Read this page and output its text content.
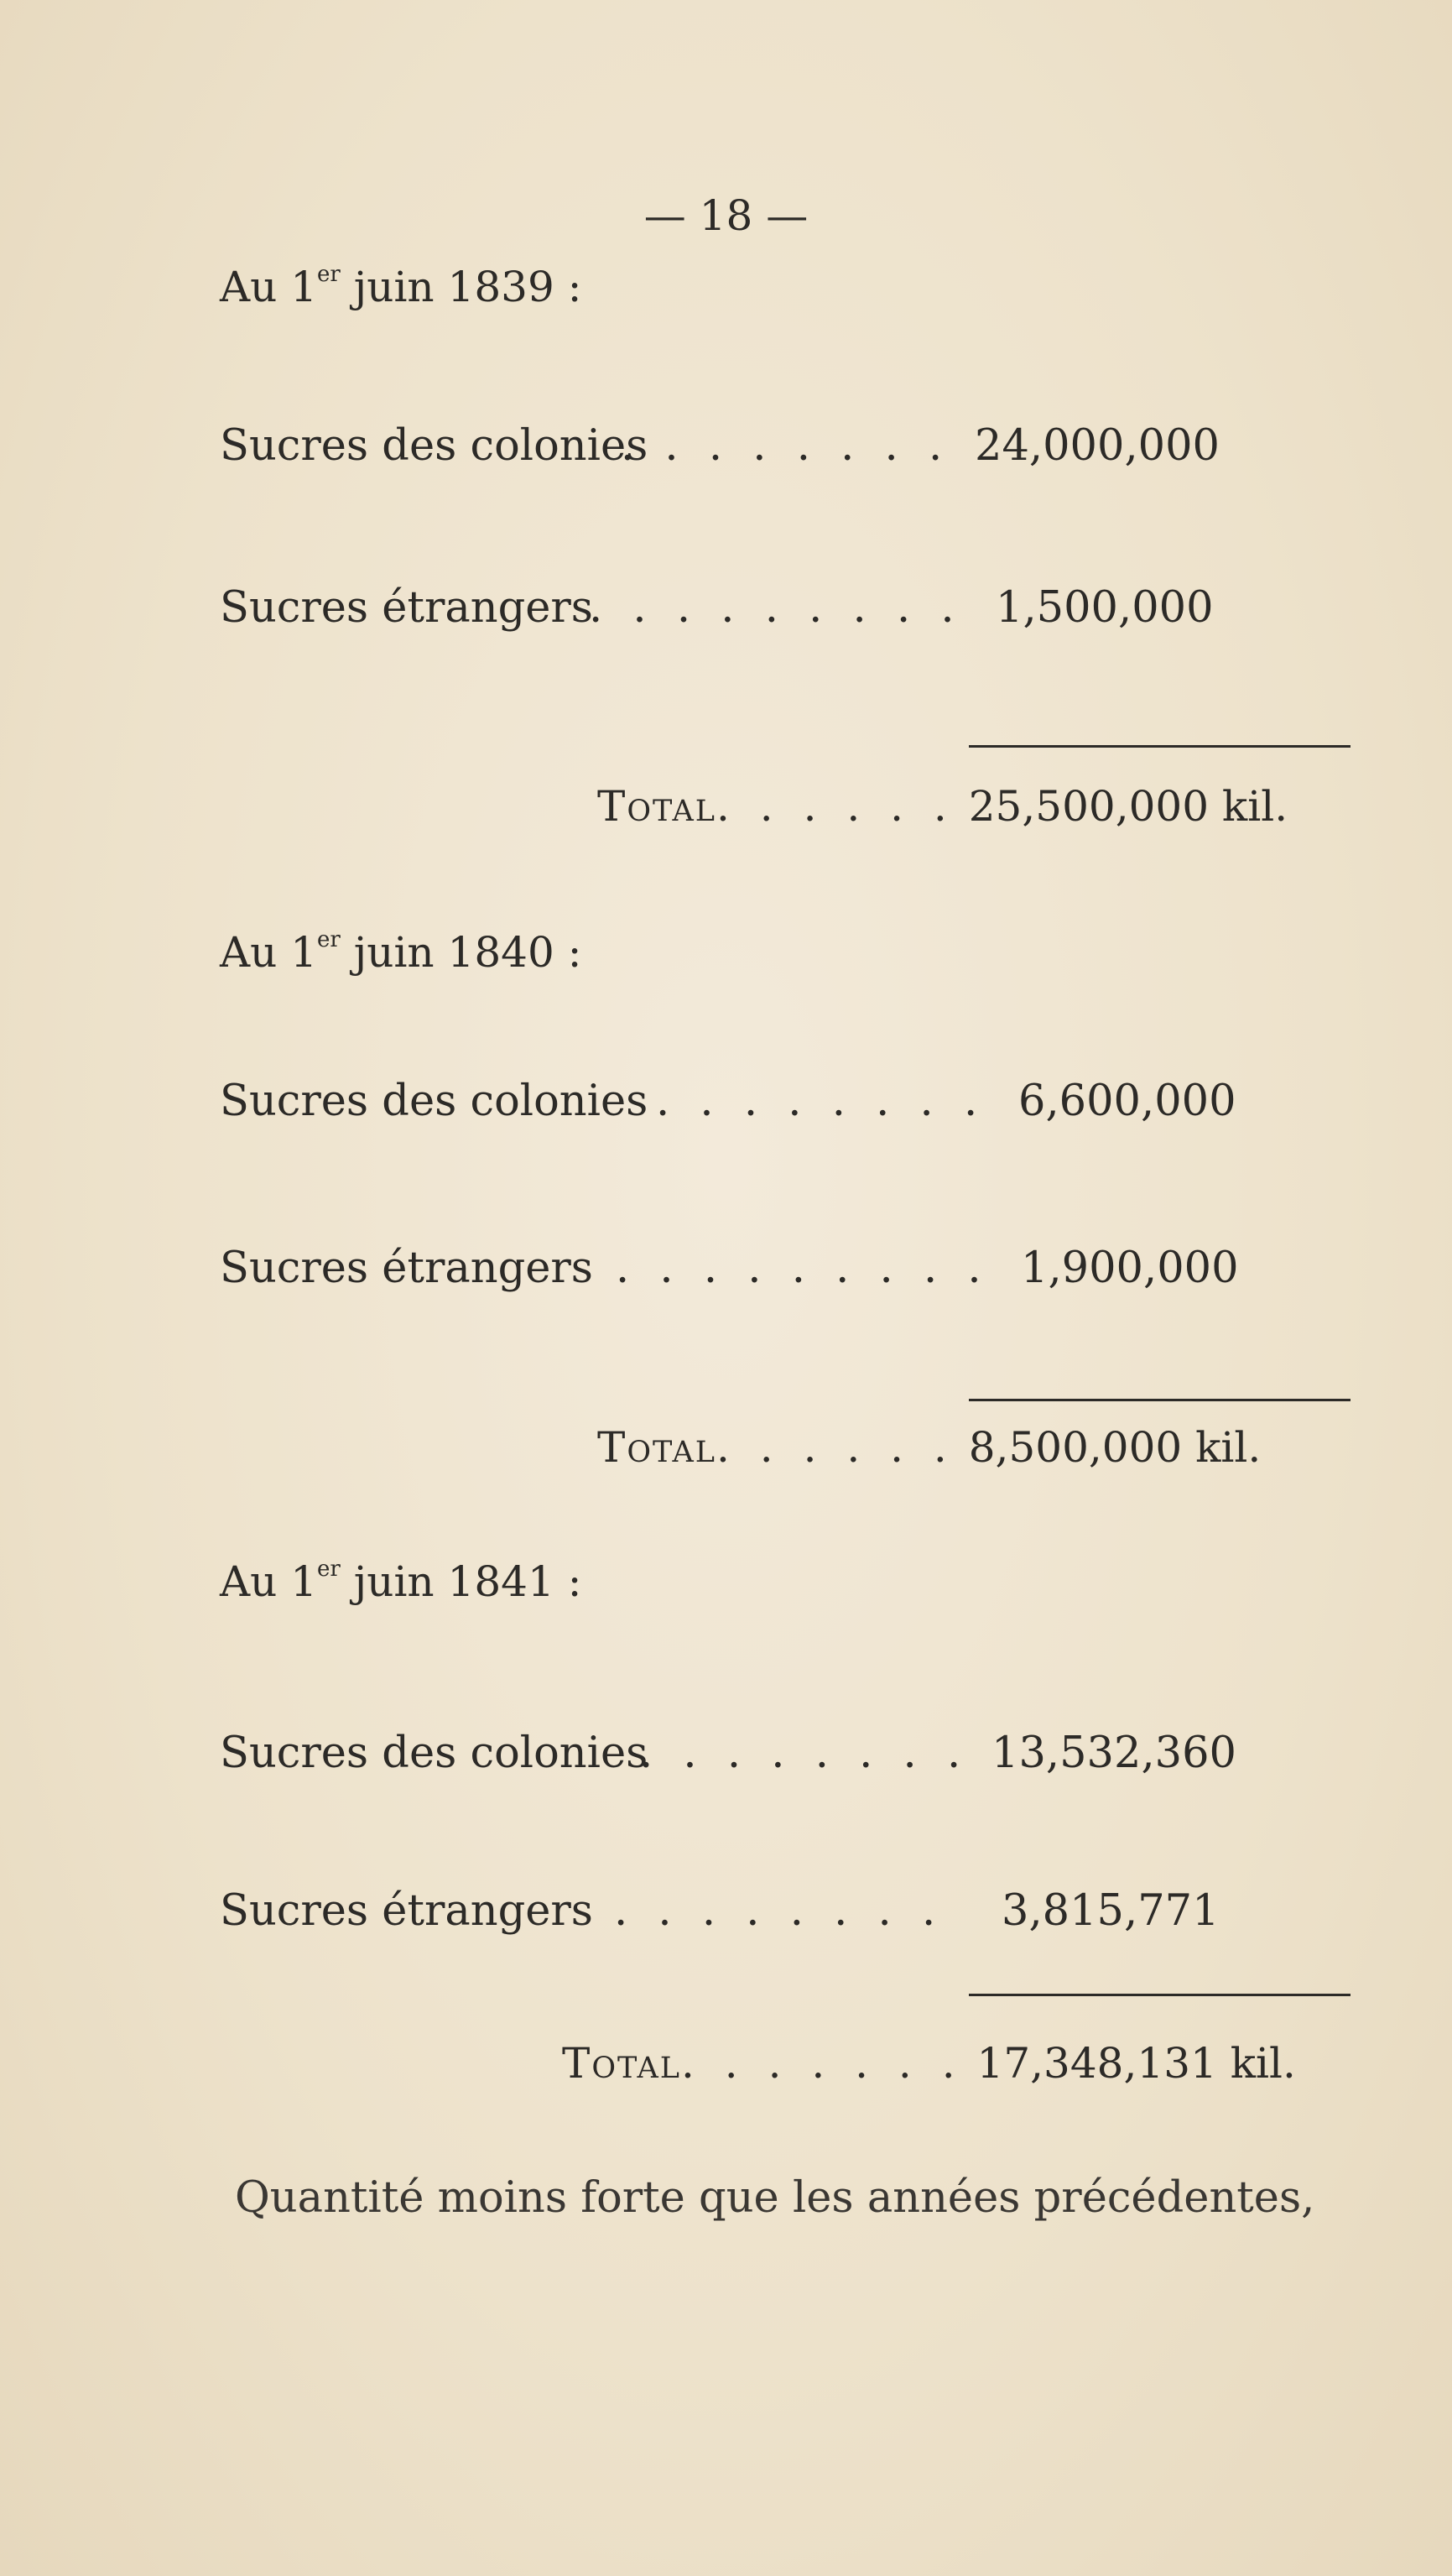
— 18 —
Au 1er juin 1839 :
Sucres des colonies
. . . . . . . . 24,000,000
Sucres étrangers
. . . . . . . . . 1,500,000
Total. . . . . . 25,500,000 kil.
Au 1er juin 1840 :
Sucres des colonies . . . . . . . . 6,600,000
Sucres étrangers . . . . . . . . . 1,900,000
Total. . . . . . 8,500,000 kil.
Au 1er juin 1841 :
Sucres des colonies
. . . . . . . . 13,532,360
Sucres étrangers . . . . . . . . 3,815,771
Total. . . . . . . 17,348,131 kil.
Quantité moins forte que les années précédentes,
